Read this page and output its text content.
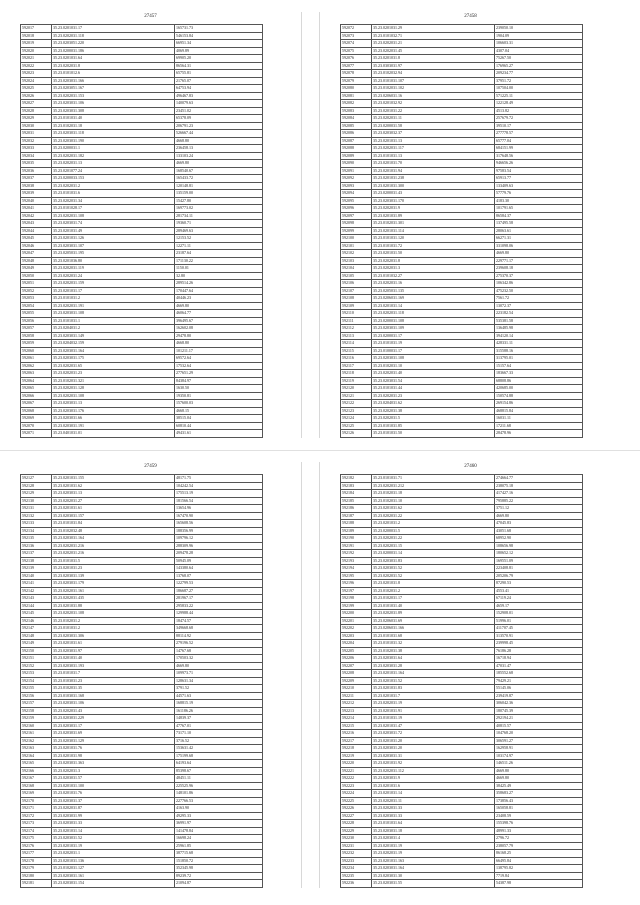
27457
592017	35.23.0201031.17	165731.73
592018	35.23.0202031.118	546153.84
592019	35.23.0203051.220	66951.34
592020	35.23.0200031.186	4069.89
592021	35.23.0201031.64	69905.20
592022	35.23.0202031.8	86564.31
592023	35.23.0101012.6	65755.81
592024	35.23.0203031.166	21765.07
592025	35.23.0203051.167	64753.94
592026	35.23.0202031.153	496467.83
592027	35.23.0203031.106	140079.63
592028	35.23.0203031.308	23451.02
592029	35.23.0101031.40	65378.09
592030	35.23.0102031.18	206791.23
592031	35.23.0203031.118	526667.44
592032	35.23.0203031.190	4668.80
592033	35.23.0200031.1	236458.13
592034	35.23.0202031.182	133103.24
592035	35.23.0202031.13	4669.80
592036	35.23.0201077.24	168540.67
592037	35.23.0200033.153	165433.72
592038	35.23.0202031.2	120148.81
592039	35.23.0101031.6	135159.00
592040	35.23.0202031.34	15427.80
592041	35.23.0101028.17	169773.02
592042	35.23.0202031.108	281734.11
592043	35.23.0203031.74	19360.71
592044	35.23.0201031.49	289469.63
592045	35.23.0201031.126	12153.52
592046	35.23.0203031.107	12271.11
592047	35.23.0205031.195	23187.64
592048	35.23.0201036.80	171130.22
592049	35.23.0202031.119	1150.01
592050	35.23.0202031.24	32.80
592051	35.23.0202031.159	289514.26
592052	35.23.0201031.17	170447.64
592053	35.23.0101031.2	40446.23
592054	35.23.0202031.191	4669.80
592055	35.23.0203031.108	46064.77
592056	35.23.0101031.1	396495.67
592057	35.23.0204031.2	162602.08
592058	35.23.0203031.149	29478.80
592059	35.23.0204032.159	4668.80
592060	35.23.0203031.164	101211.17
592061	35.23.0203031.175	69572.64
592062	35.23.0202031.65	17532.64
592063	35.23.0202031.23	277651.29
592064	35.23.0102031.321	84384.97
592065	35.23.0202031.128	1630.50
592066	35.23.0202031.108	19350.81
592067	35.23.0203031.13	157600.03
592068	35.23.0203031.176	4668.15
592069	35.23.0203031.66	38515.04
592070	35.23.0203031.191	60810.44
592071	35.23.0401031.01	49431.61
27458
592072	35.23.0201031.29	239050.10
592073	35.23.0101032.71	1904.09
592074	35.23.0202031.21	106603.31
592075	35.23.0202031.45	4307.04
592076	35.23.0201031.8	75267.50
592077	35.23.0303031.97	176965.27
592078	35.23.0102032.94	209234.77
592079	35.23.0101031.107	37951.72
592080	35.23.0102031.102	107504.00
592081	35.23.0206031.16	571225.11
592082	35.23.0201032.92	122128.49
592083	35.23.0201031.22	4513.82
592084	35.23.0202031.11	257679.72
592085	35.23.0200031.58	39510.17
592086	35.23.0203032.37	277778.57
592087	35.23.0201031.13	65777.04
592088	35.23.0202031.117	684151.99
592089	35.23.0101031.13	317648.56
592090	35.23.0201031.70	946656.26
592091	35.23.0201031.94	97583.54
592092	35.23.0201031.238	65913.77
592093	35.23.0201031.300	133409.63
592094	35.23.0200031.43	57779.76
592095	35.23.0203031.170	4183.30
592096	35.23.0202031.9	101791.65
592097	35.23.0201031.89	86584.37
592098	35.23.0102031.301	137495.58
592099	35.23.0201031.114	28063.61
592100	35.23.0101031.120	66271.31
592101	35.23.0101031.72	331098.06
592102	35.23.0201031.50	4669.80
592103	35.23.0202031.8	229771.17
592104	35.23.0202031.3	239608.18
592105	35.23.0101032.27	275370.37
592106	35.23.0202031.16	106342.86
592107	35.23.0205031.135	475232.50
592108	35.23.0206031.169	7561.72
592109	35.23.0201031.14	13072.37
592110	35.23.0202031.118	223182.54
592111	35.23.0200031.108	535381.58
592112	35.23.0203031.109	136485.98
592113	35.23.0200031.17	394120.14
592114	35.23.0101031.19	428331.11
592115	35.23.0100031.17	315588.16
592116	35.23.0203031.108	313795.01
592117	35.23.0102031.10	15157.64
592118	35.23.0202031.40	183667.33
592119	35.23.0203031.54	68808.86
592120	35.23.0101031.44	420685.00
592121	35.23.0202031.23	150574.88
592122	35.23.0204031.62	269154.86
592123	35.23.0202031.38	468815.84
592124	35.23.0202031.5	16031.11
592125	35.23.0101031.85	17211.68
592126	35.23.0101031.50	28478.96
27459
592127	35.23.0201031.155	48171.75
592128	35.23.0201031.62	104242.54
592129	35.23.0203031.13	175513.19
592130	35.23.0202031.27	181566.54
592131	35.23.0201031.61	13654.96
592132	35.23.0203031.157	167470.90
592133	35.23.0101031.84	165608.56
592134	35.23.0102032.48	188356.99
592135	35.23.0203031.164	109796.12
592136	35.23.0202031.216	288309.96
592137	35.23.0202031.216	209478.28
592138	35.23.0101031.5	50945.09
592139	35.23.0201031.23	143380.64
592140	35.23.0203031.139	13768.07
592141	35.23.0203031.179	122799.53
592142	35.23.0202031.161	186687.27
592143	35.23.0202031.435	281967.17
592144	35.23.0201031.88	295833.22
592145	35.23.0202031.108	129988.44
592146	35.23.0102031.2	18474.57
592147	35.23.0101031.2	349668.68
592148	35.23.0203031.306	88114.92
592149	35.23.0201031.61	279196.52
592150	35.23.0203031.97	14767.68
592151	35.23.0201031.40	170503.32
592152	35.23.0203031.193	4669.80
592153	35.23.0101031.7	109973.71
592154	35.23.0103031.23	128631.34
592155	35.23.0102031.35	3791.52
592156	35.23.0103031.168	44571.63
592157	35.23.0203031.106	168815.19
592158	35.23.0202031.43	161186.26
592159	35.23.0203031.229	14839.37
592160	35.23.0203031.17	47767.01
592161	35.23.0203031.69	73171.10
592162	35.23.0203031.129	3716.52
592163	35.23.0201031.76	153631.42
592164	35.23.0201031.98	175199.68
592165	35.23.0203031.363	64193.64
592166	35.23.0202031.3	85398.67
592167	35.23.0203031.57	48451.11
592168	35.23.0201031.100	225525.96
592169	35.23.0201031.76	148101.86
592170	35.23.0203031.37	227766.53
592171	35.23.0202031.87	4163.90
592172	35.23.0203031.99	49295.33
592173	35.23.0203031.33	36991.97
592174	35.23.0201031.14	141478.84
592175	35.23.0203031.52	16698.24
592176	35.23.0201031.19	25961.85
592177	35.23.0202031.1	387715.68
592178	35.23.0201031.136	151850.72
592179	35.23.0102031.127	352345.98
592180	35.23.0203031.161	89239.72
592181	35.23.0203031.154	21094.87
27460
592182	35.23.0101031.71	274664.77
592183	35.23.0202031.212	238075.18
592184	35.23.0102031.18	417427.16
592185	35.23.0102031.10	795885.22
592186	35.23.0201031.62	3751.12
592187	35.23.0202031.22	4669.80
592188	35.23.0201031.2	47045.83
592189	35.23.0200031.5	43051.68
592190	35.23.0202031.22	68952.90
592191	35.23.0202031.15	108656.98
592192	35.23.0200031.14	180652.12
592193	35.23.0203031.83	169551.09
592194	35.23.0203031.52	223408.81
592195	35.23.0202031.52	205206.79
592196	35.23.0201031.8	87290.53
592197	35.23.0102031.2	4553.41
592198	35.23.0102031.17	67119.24
592199	35.23.0101031.40	4659.17
592200	35.23.0202031.89	152908.01
592201	35.23.0206031.69	51996.01
592202	35.23.0206031.166	411707.45
592203	35.23.0101031.68	313570.91
592204	35.23.0101031.32	239998.45
592205	35.23.0102031.38	76186.28
592206	35.23.0203031.64	16718.94
592207	35.23.0203031.28	47031.47
592208	35.23.0201031.164	185552.68
592209	35.23.0201031.52	79429.21
592210	35.23.0201031.83	55145.06
592211	35.23.0201031.7	239419.87
592212	35.23.0202031.19	306042.36
592213	35.23.0201031.91	180745.39
592214	35.23.0101031.19	292194.21
592215	35.23.0201031.47	40815.57
592216	35.23.0203031.72	104768.20
592217	35.23.0201031.20	306591.27
592218	35.23.0203031.20	162958.91
592219	35.23.0203031.31	103174.97
592220	35.23.0201031.92	146511.26
592221	35.23.0202031.112	4669.80
592222	35.23.0203031.9	4669.80
592223	35.23.0201031.6	38425.49
592224	35.23.0201031.14	358683.27
592225	35.23.0202031.11	173856.43
592226	35.23.0202031.33	165058.81
592227	35.23.0203031.33	23408.59
592228	35.23.0101031.64	155398.76
592229	35.23.0203031.18	48991.33
592230	35.23.0203031.4	2796.72
592231	35.23.0201031.19	238057.79
592232	35.23.0202031.19	86168.25
592233	35.23.0201031.163	66495.84
592234	35.23.0203031.164	138795.82
592235	35.23.0203031.30	7719.84
592236	35.23.0203031.55	54387.98
